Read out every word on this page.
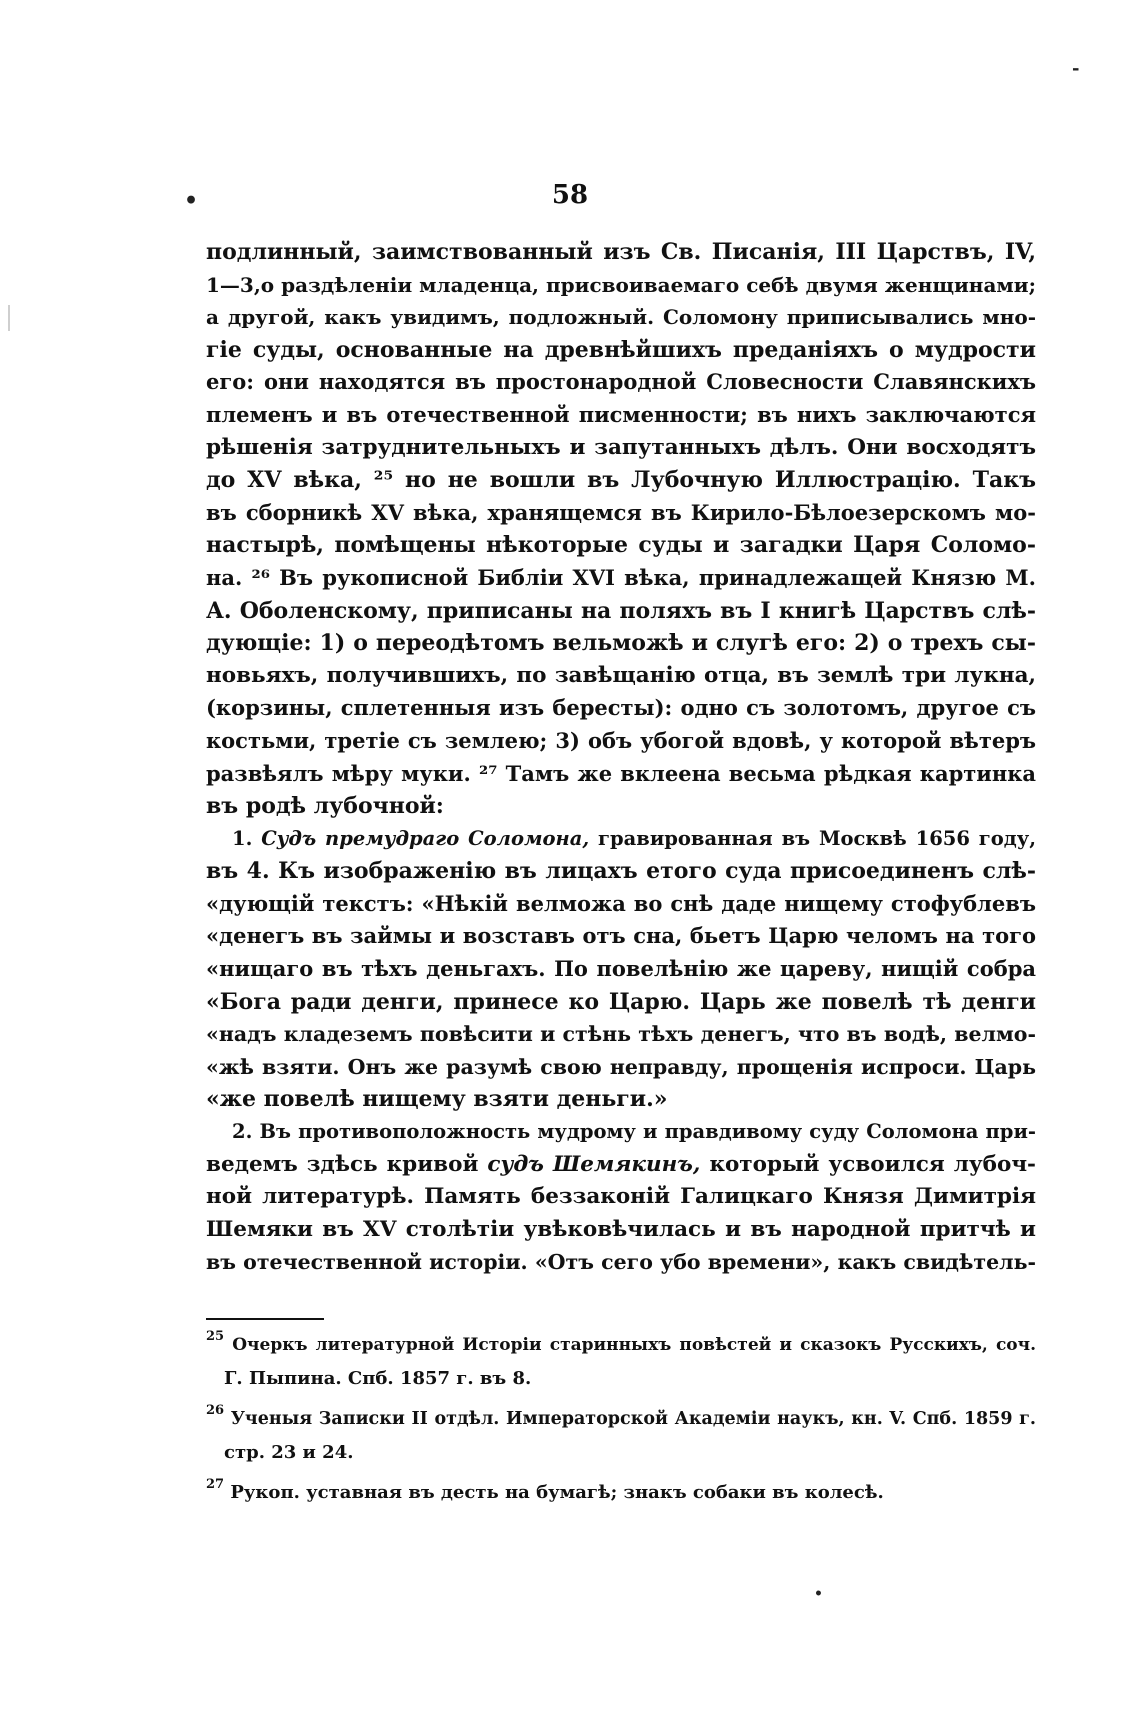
-
•	58
подлинный, заимствованный изъ Св. Писанія, III Царствъ, IV,
1—3,о раздѣленіи младенца, присвоиваемаго себѣ двумя женщинами;
а другой, какъ увидимъ, подложный. Соломону приписывались мно-
гіе суды, основанные на древнѣйшихъ преданіяхъ о мудрости
его: они находятся въ простонародной Словесности Славянскихъ
племенъ и въ отечественной писменности; въ нихъ заключаются
рѣшенія затруднительныхъ и запутанныхъ дѣлъ. Они восходятъ
до XV вѣка, ²⁵ но не вошли въ Лубочную Иллюстрацію. Такъ
въ сборникѣ XV вѣка, хранящемся въ Кирило-Бѣлоезерскомъ мо-
настырѣ, помѣщены нѣкоторые суды и загадки Царя Соломо-
на. ²⁶ Въ рукописной Библіи XVI вѣка, принадлежащей Князю М.
А. Оболенскому, приписаны на поляхъ въ I книгѣ Царствъ слѣ-
дующіе: 1) о переодѣтомъ вельможѣ и слугѣ его: 2) о трехъ сы-
новьяхъ, получившихъ, по завѣщанію отца, въ землѣ три лукна,
(корзины, сплетенныя изъ бересты): одно съ золотомъ, другое съ
костьми, третіе съ землею; 3) объ убогой вдовѣ, у которой вѣтеръ
развѣялъ мѣру муки. ²⁷ Тамъ же вклеена весьма рѣдкая картинка
въ родѣ лубочной:
1. Судъ премудраго Соломона, гравированная въ Москвѣ 1656 году,
въ 4. Къ изображенію въ лицахъ етого суда присоединенъ слѣ-
«дующій текстъ: «Нѣкій велможа во снѣ даде нищему стофублевъ
«денегъ въ займы и возставъ отъ сна, бьетъ Царю челомъ на того
«нищаго въ тѣхъ деньгахъ. По повелѣнію же цареву, нищій собра
«Бога ради денги, принесе ко Царю. Царь же повелѣ тѣ денги
«надъ кладеземъ повѣсити и стѣнь тѣхъ денегъ, что въ водѣ, велмо-
«жѣ взяти. Онъ же разумѣ свою неправду, прощенія испроси. Царь
«же повелѣ нищему взяти деньги.»
2. Въ противоположность мудрому и правдивому суду Соломона при-
ведемъ здѣсь кривой судъ Шемякинъ, который усвоился лубоч-
ной литературѣ. Память беззаконій Галицкаго Князя Димитрія
Шемяки въ XV столѣтіи увѣковѣчилась и въ народной притчѣ и
въ отечественной исторіи. «Отъ сего убо времени», какъ свидѣтель-
$^{25}$ Очеркъ литературной Исторіи старинныхъ повѣстей и сказокъ Русскихъ, соч.
Г. Пыпина. Спб. 1857 г. въ 8.
$^{26}$ Ученыя Записки II отдѣл. Императорской Академіи наукъ, кн. V. Спб. 1859 г.
стр. 23 и 24.
$^{27}$ Рукоп. уставная въ десть на бумагѣ; знакъ собаки въ колесѣ.
•
